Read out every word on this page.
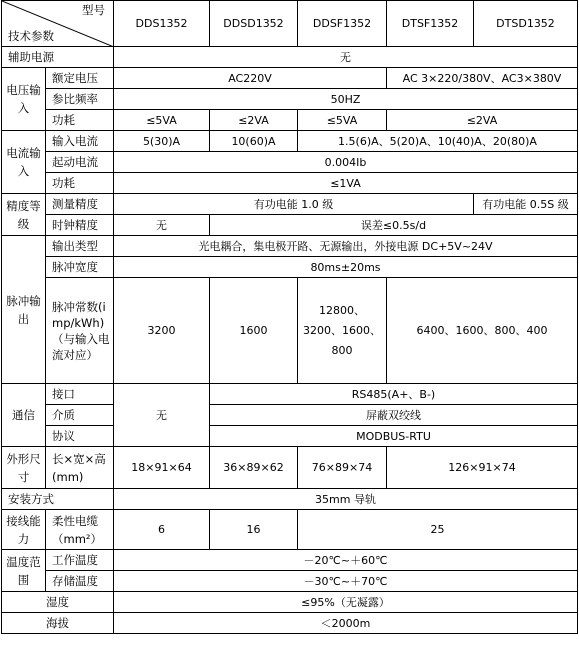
型号
技术参数		DDS1352	DDSD1352	DDSF1352	DTSF1352	DTSD1352
辅助电源		无				
电压输入	额定电压	AC220V			AC 3×220/380V、AC3×380V	
	参比频率	50HZ				
	功耗	≤5VA	≤2VA	≤5VA	≤2VA	
电流输入	输入电流	5(30)A	10(60)A	1.5(6)A、5(20)A、10(40)A、20(80)A		
	起动电流	0.004Ib				
	功耗	≤1VA				
精度等级	测量精度	有功电能 1.0 级				有功电能 0.5S 级
	时钟精度	无	误差≤0.5s/d			
脉冲输出	输出类型	光电耦合，集电极开路、无源输出，外接电源 DC+5V~24V				
	脉冲宽度	80ms±20ms				
	脉冲常数(imp/kWh)（与输入电流对应）	3200	1600	12800、3200、1600、800	6400、1600、800、400	
通信	接口	无	RS485(A+、B-)			
	介质		屏蔽双绞线			
	协议		MODBUS-RTU			
外形尺寸	长×宽×高(mm)	18×91×64	36×89×62	76×89×74	126×91×74	
安装方式		35mm 导轨				
接线能力	柔性电缆（mm²）	6	16	25		
温度范围	工作温度	－20℃~＋60℃				
	存储温度	－30℃~＋70℃				
湿度		≤95%（无凝露）				
海拔		＜2000m				
